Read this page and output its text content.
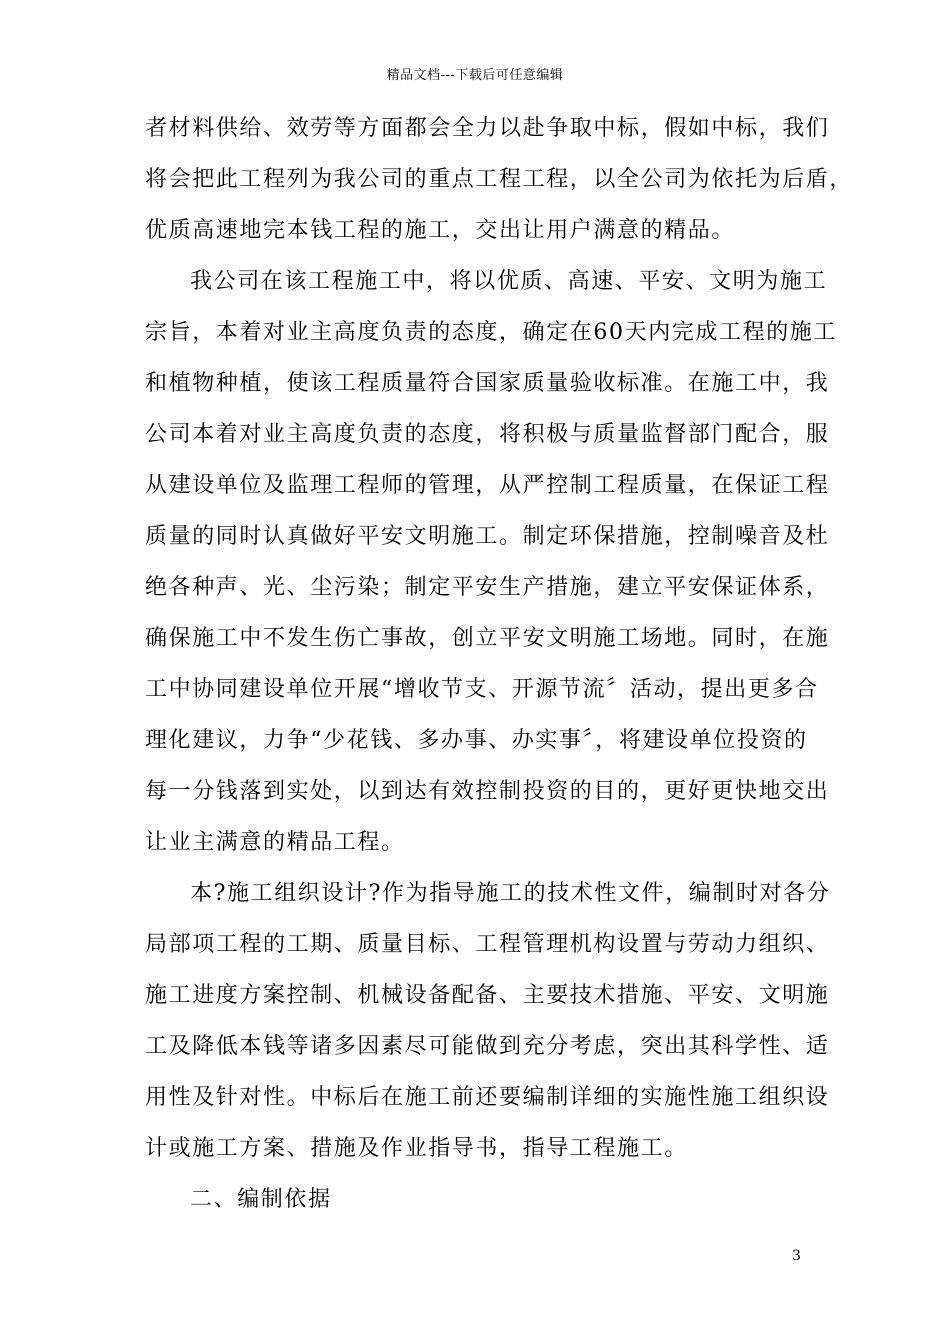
精品文档---下载后可任意编辑
者材料供给、效劳等方面都会全力以赴争取中标，假如中标，我们
将会把此工程列为我公司的重点工程工程，以全公司为依托为后盾，
优质高速地完本钱工程的施工，交出让用户满意的精品。
我公司在该工程施工中，将以优质、高速、平安、文明为施工
宗旨，本着对业主高度负责的态度，确定在60天内完成工程的施工
和植物种植，使该工程质量符合国家质量验收标准。在施工中，我
公司本着对业主高度负责的态度，将积极与质量监督部门配合，服
从建设单位及监理工程师的管理，从严控制工程质量，在保证工程
质量的同时认真做好平安文明施工。制定环保措施，控制噪音及杜
绝各种声、光、尘污染；制定平安生产措施，建立平安保证体系，
确保施工中不发生伤亡事故，创立平安文明施工场地。同时，在施
工中协同建设单位开展“增收节支、开源节流〞活动，提出更多合
理化建议，力争“少花钱、多办事、办实事〞，将建设单位投资的
每一分钱落到实处，以到达有效控制投资的目的，更好更快地交出
让业主满意的精品工程。
本?施工组织设计?作为指导施工的技术性文件，编制时对各分
局部项工程的工期、质量目标、工程管理机构设置与劳动力组织、
施工进度方案控制、机械设备配备、主要技术措施、平安、文明施
工及降低本钱等诸多因素尽可能做到充分考虑，突出其科学性、适
用性及针对性。中标后在施工前还要编制详细的实施性施工组织设
计或施工方案、措施及作业指导书，指导工程施工。
二、编制依据
3
